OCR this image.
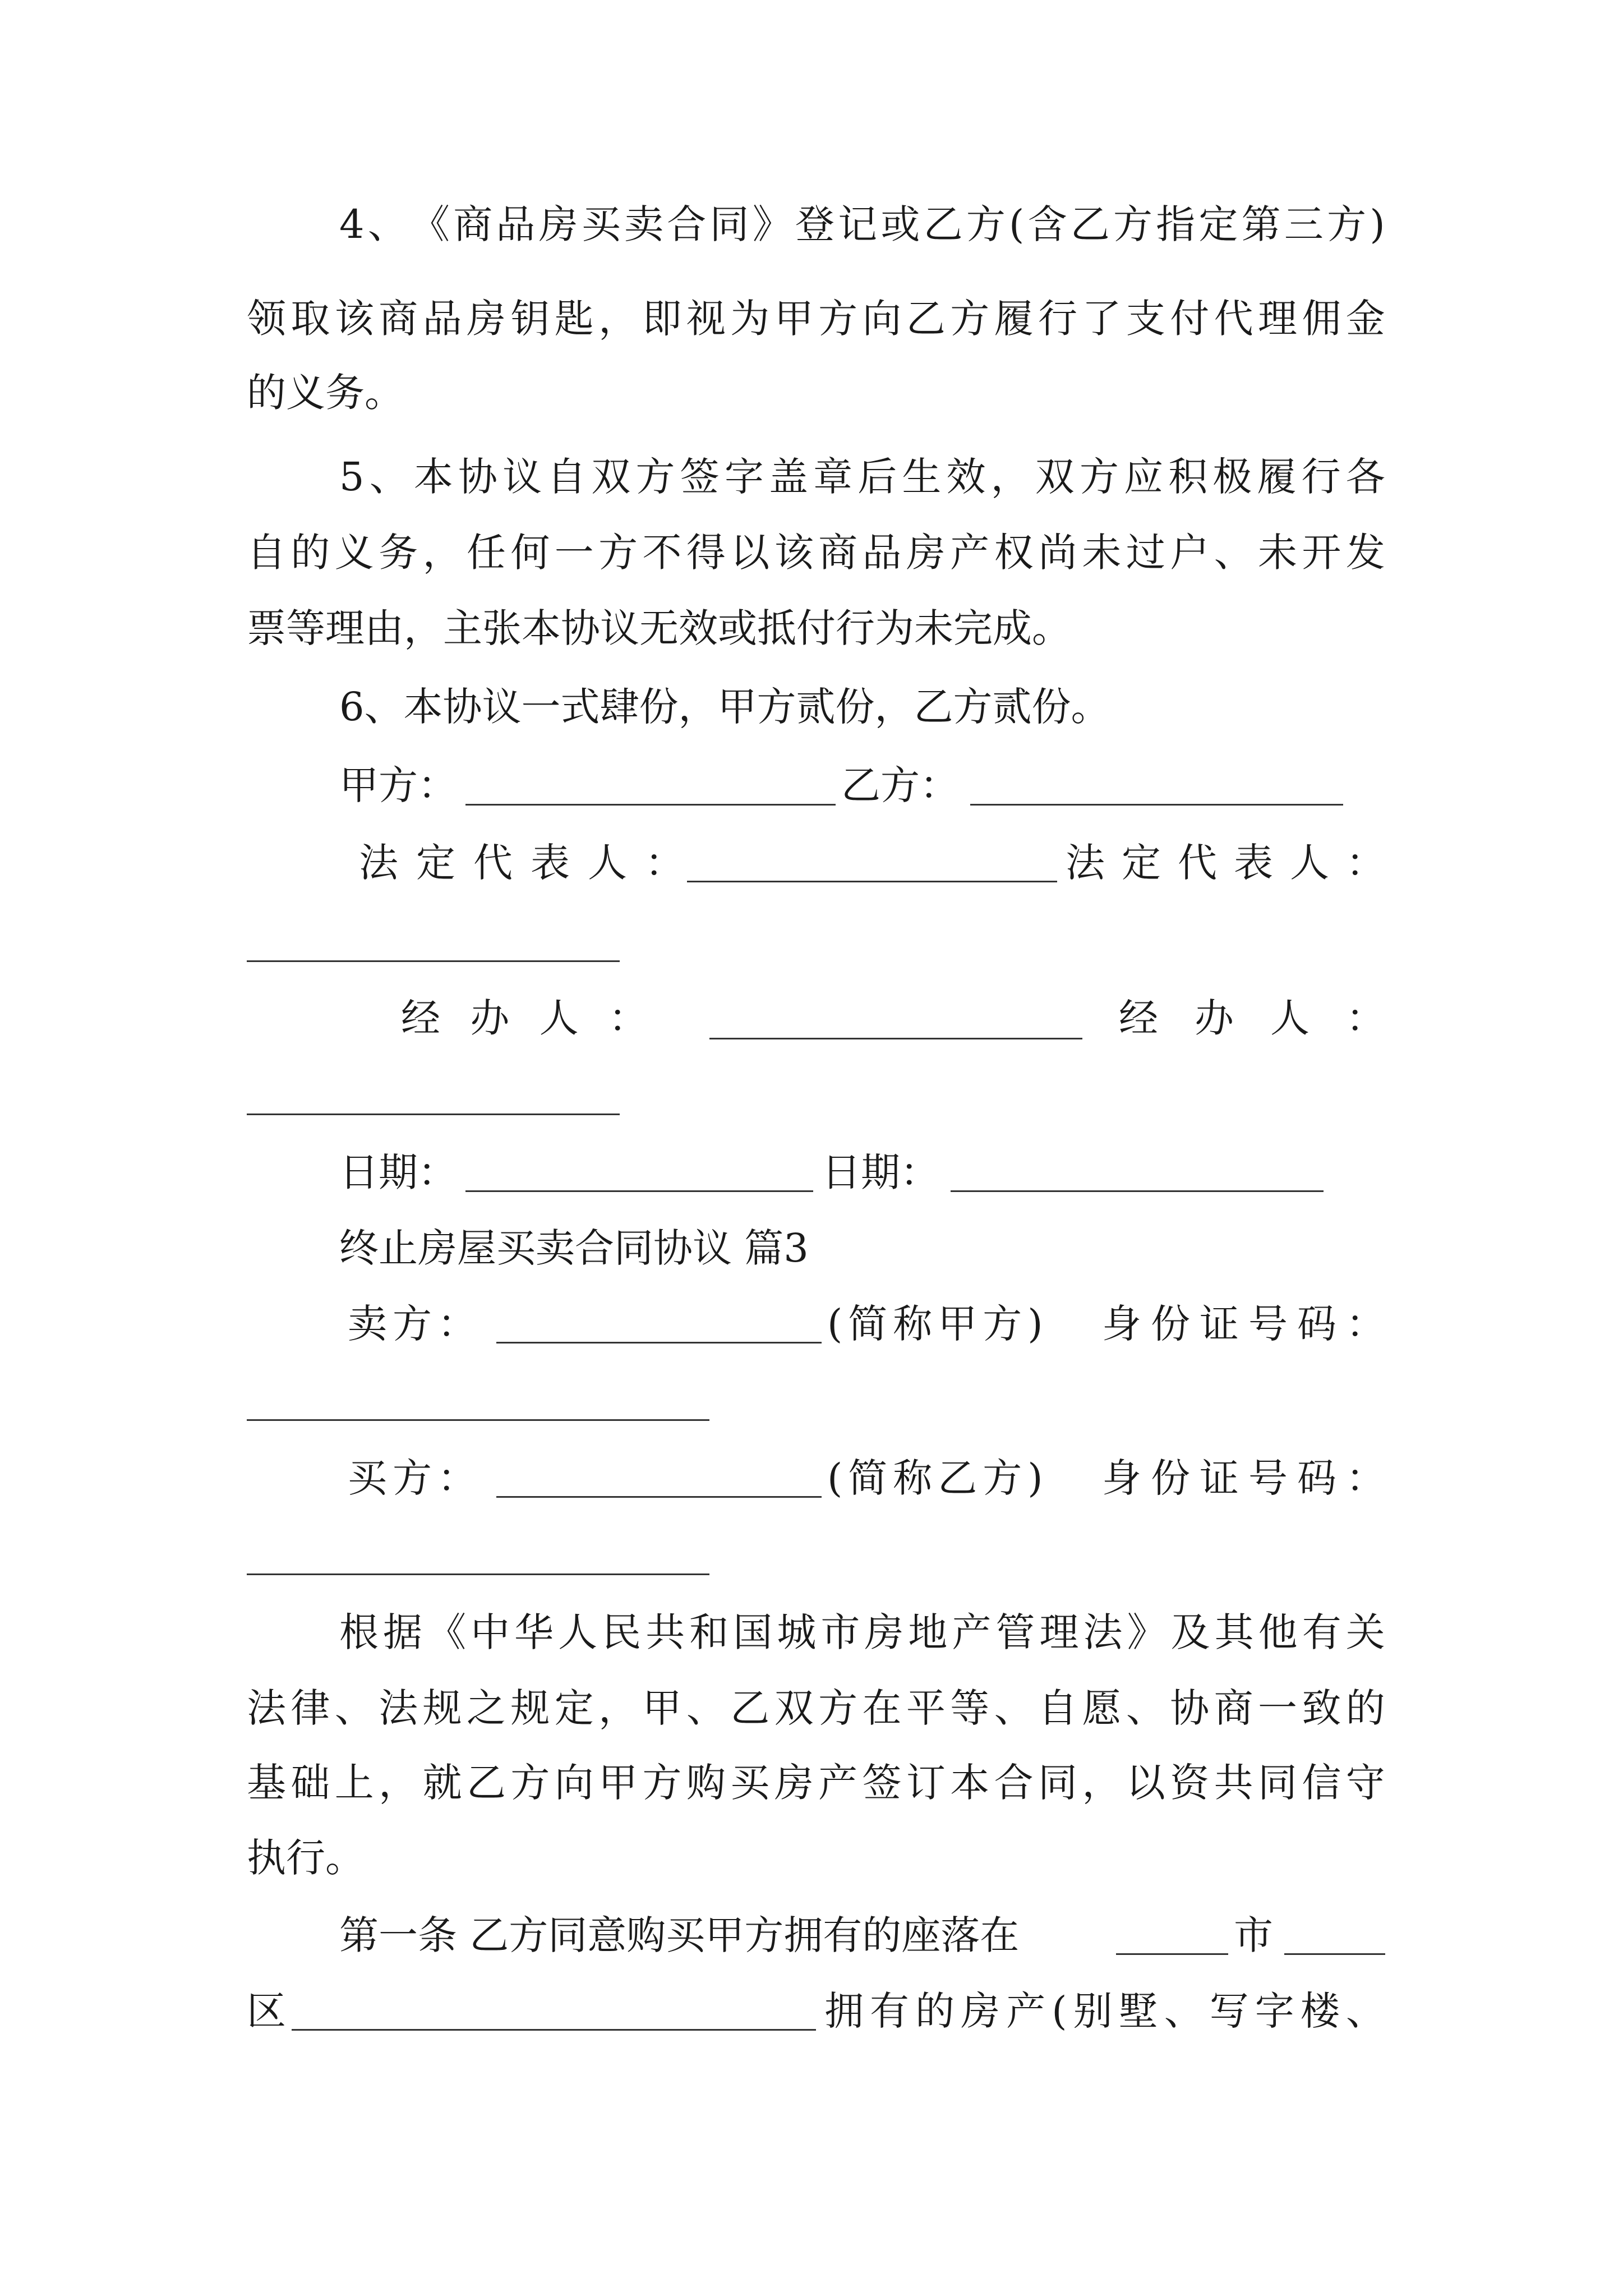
4 、 《 商 品 房 买 卖 合 同 》 登 记 或 乙 方 ( 含 乙 方 指 定 第 三 方 )
领 取 该 商 品 房 钥 匙 ， 即 视 为 甲 方 向 乙 方 履 行 了 支 付 代 理 佣 金
的义务。
5 、 本 协 议 自 双 方 签 字 盖 章 后 生 效 ， 双 方 应 积 极 履 行 各
自 的 义 务 ， 任 何 一 方 不 得 以 该 商 品 房 产 权 尚 未 过 户 、 未 开 发
票等理由，主张本协议无效或抵付行为未完成。
6、本协议一式肆份，甲方贰份，乙方贰份。
甲方：	乙方：
法 定 代 表 人 ：	法 定 代 表 人 ：
经 办 人 ：	经 办 人 ：
日期：	日期：
终止房屋买卖合同协议 篇3
卖方：	(简称甲方) 身 份 证 号 码 ：
买方：	(简称乙方) 身 份 证 号 码 ：
根 据 《 中 华 人 民 共 和 国 城 市 房 地 产 管 理 法 》 及 其 他 有 关
法 律 、 法 规 之 规 定 ， 甲 、 乙 双 方 在 平 等 、 自 愿 、 协 商 一 致 的
基 础 上 ， 就 乙 方 向 甲 方 购 买 房 产 签 订 本 合 同 ， 以 资 共 同 信 守
执行。
第一条 乙方同意购买甲方拥有的座落在	市
区	拥 有 的 房 产 ( 别 墅 、 写 字 楼 、
